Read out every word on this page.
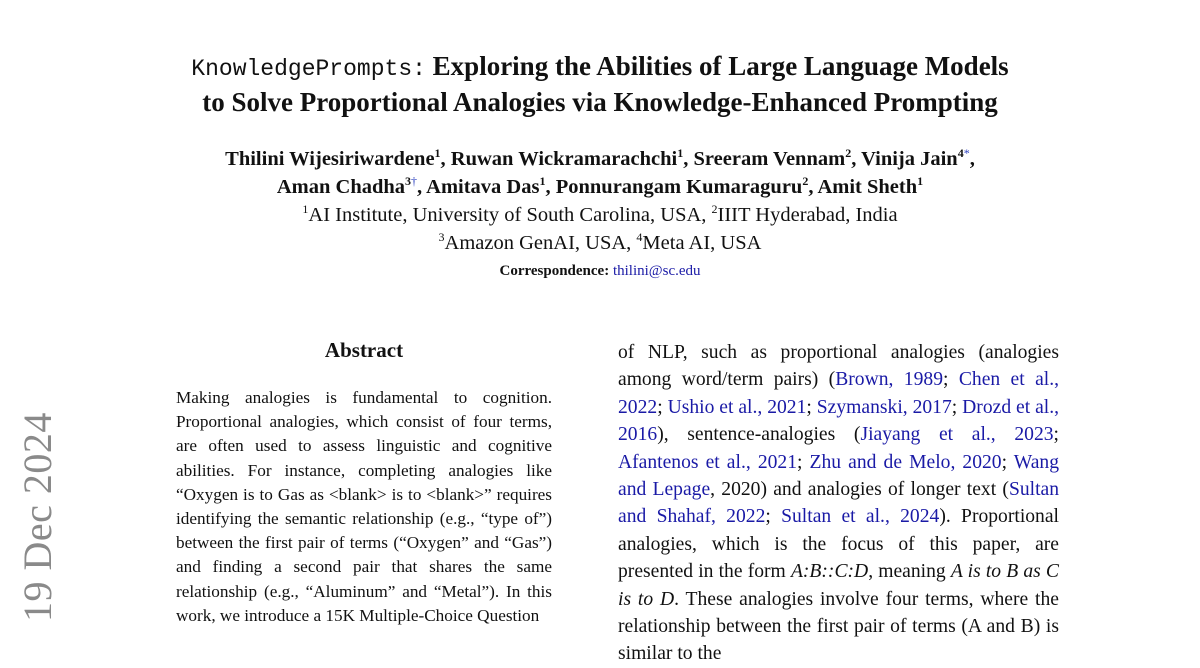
19 Dec 2024
KnowledgePrompts: Exploring the Abilities of Large Language Models
to Solve Proportional Analogies via Knowledge-Enhanced Prompting
Thilini Wijesiriwardene$^1$, Ruwan Wickramarachchi$^1$, Sreeram Vennam$^2$, Vinija Jain$^{4*}$,
Aman Chadha$^{3\dagger}$, Amitava Das$^1$, Ponnurangam Kumaraguru$^2$, Amit Sheth$^1$
$^1$AI Institute, University of South Carolina, USA, $^2$IIIT Hyderabad, India
$^3$Amazon GenAI, USA, $^4$Meta AI, USA
Correspondence: thilini@sc.edu
Abstract
Making analogies is fundamental to cognition. Proportional analogies, which consist of four terms, are often used to assess linguistic and cognitive abilities. For instance, completing analogies like “Oxygen is to Gas as <blank> is to <blank>” requires identifying the semantic relationship (e.g., “type of”) between the first pair of terms (“Oxygen” and “Gas”) and finding a second pair that shares the same relationship (e.g., “Aluminum” and “Metal”). In this work, we introduce a 15K Multiple-Choice Question
of NLP, such as proportional analogies (analogies among word/term pairs) (Brown, 1989; Chen et al., 2022; Ushio et al., 2021; Szymanski, 2017; Drozd et al., 2016), sentence-analogies (Jiayang et al., 2023; Afantenos et al., 2021; Zhu and de Melo, 2020; Wang and Lepage, 2020) and analogies of longer text (Sultan and Shahaf, 2022; Sultan et al., 2024). Proportional analogies, which is the focus of this paper, are presented in the form A:B::C:D, meaning A is to B as C is to D. These analogies involve four terms, where the relationship between the first pair of terms (A and B) is similar to the
